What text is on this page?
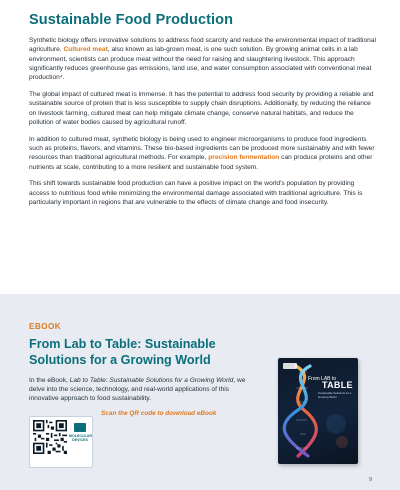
Sustainable Food Production

Synthetic biology offers innovative solutions to address food scarcity and reduce the environmental impact of traditional agriculture. Cultured meat, also known as lab-grown meat, is one such solution. By growing animal cells in a lab environment, scientists can produce meat without the need for raising and slaughtering livestock. This approach significantly reduces greenhouse gas emissions, land use, and water consumption associated with conventional meat production⁴.

The global impact of cultured meat is immense. It has the potential to address food security by providing a reliable and sustainable source of protein that is less susceptible to supply chain disruptions. Additionally, by reducing the reliance on livestock farming, cultured meat can help mitigate climate change, conserve natural habitats, and reduce the pollution of water bodies caused by agricultural runoff.

In addition to cultured meat, synthetic biology is being used to engineer microorganisms to produce food ingredients such as proteins, flavors, and vitamins. These bio-based ingredients can be produced more sustainably and with fewer resources than traditional agricultural methods. For example, precision fermentation can produce proteins and other nutrients at scale, contributing to a more resilient and sustainable food system.

This shift towards sustainable food production can have a positive impact on the world's population by providing access to nutritious food while minimizing the environmental damage associated with traditional agriculture. This is particularly important in regions that are vulnerable to the effects of climate change and food insecurity.

EBOOK
From Lab to Table: Sustainable Solutions for a Growing World

In the eBook, Lab to Table: Sustainable Solutions for a Growing World, we delve into the science, technology, and real-world applications of this innovative approach to food sustainability.

MOLECULAR DEVICES
Scan the QR code to download eBook
From LAB to
TABLE
Sustainable Solutions for a Growing World
9
